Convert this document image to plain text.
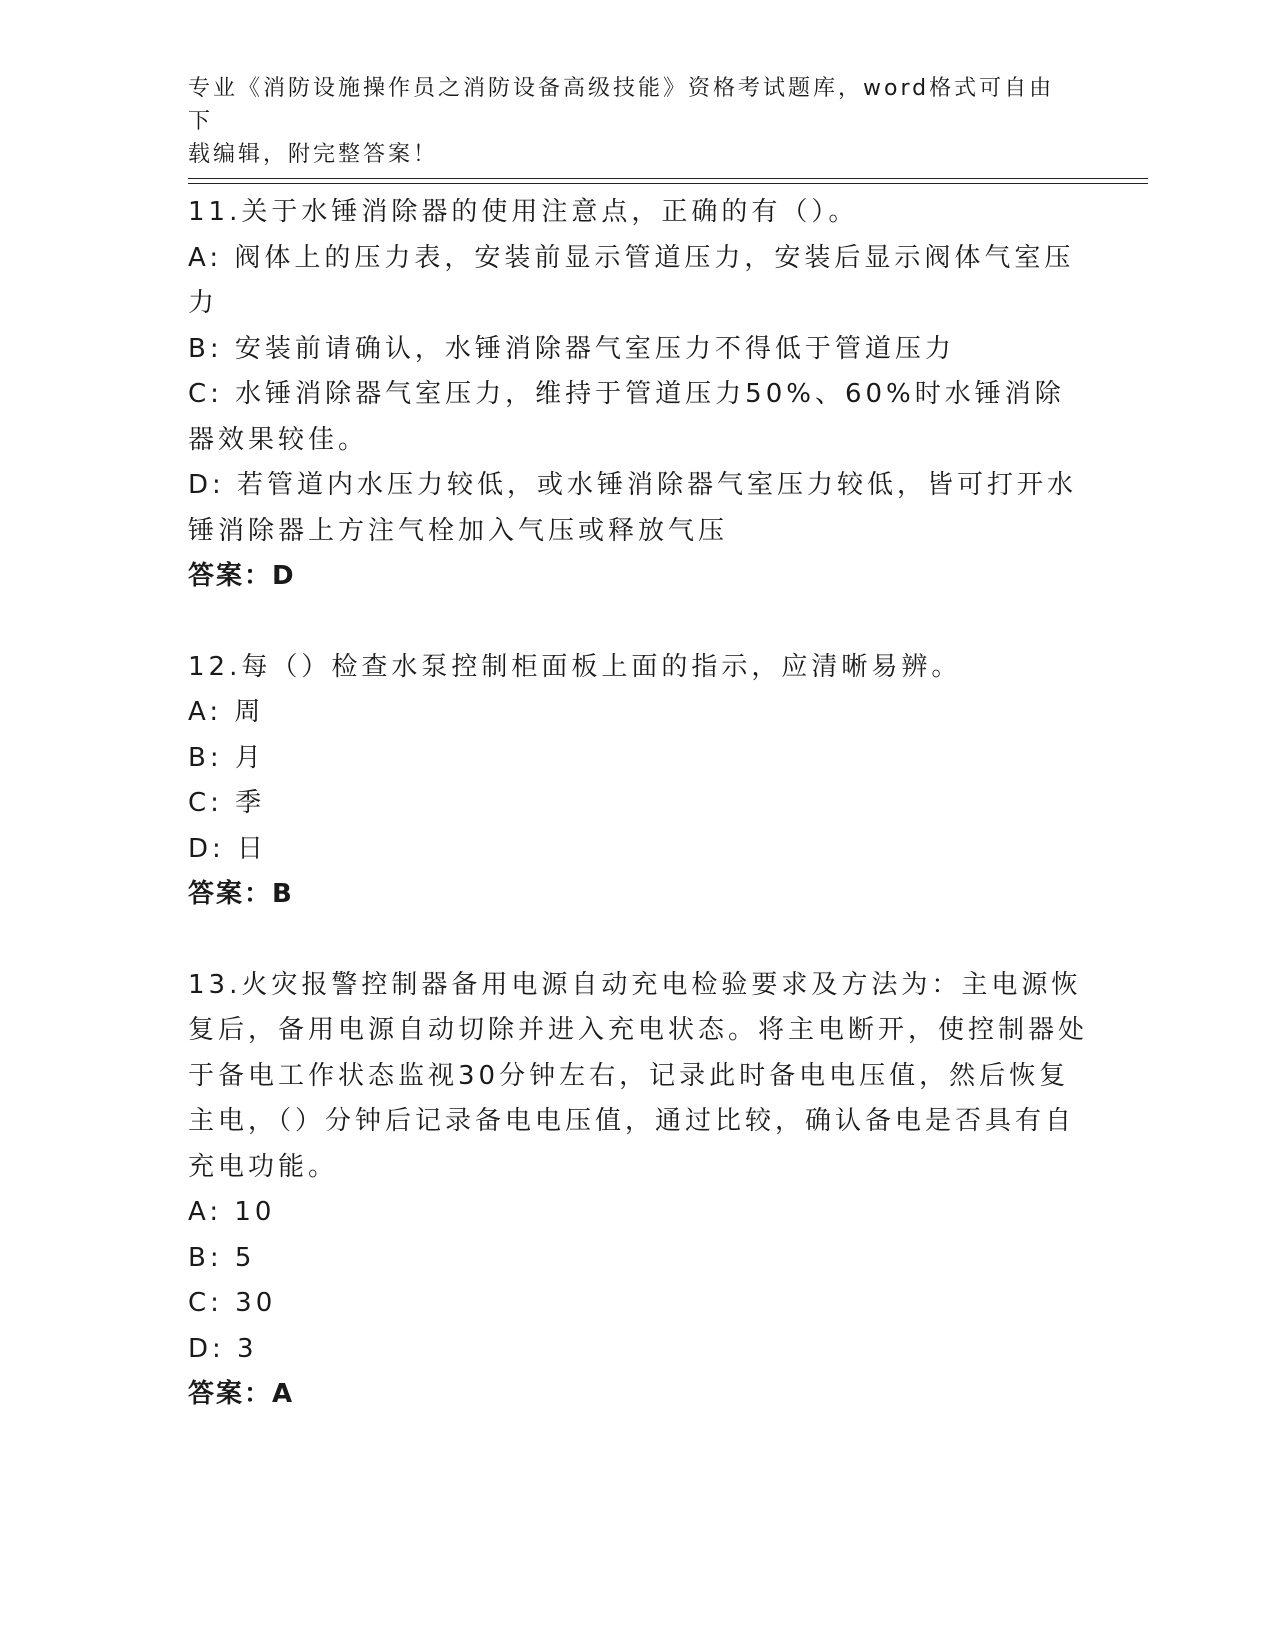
专业《消防设施操作员之消防设备高级技能》资格考试题库，word格式可自由下
载编辑，附完整答案！

11.关于水锤消除器的使用注意点，正确的有（）。

A: 阀体上的压力表，安装前显示管道压力，安装后显示阀体气室压力

B: 安装前请确认，水锤消除器气室压力不得低于管道压力

C: 水锤消除器气室压力，维持于管道压力50%、60%时水锤消除器效果较佳。

D: 若管道内水压力较低，或水锤消除器气室压力较低，皆可打开水锤消除器上方注气栓加入气压或释放气压

答案：D

12.每（）检查水泵控制柜面板上面的指示，应清晰易辨。

A: 周

B: 月

C: 季

D: 日

答案：B

13.火灾报警控制器备用电源自动充电检验要求及方法为：主电源恢复后，备用电源自动切除并进入充电状态。将主电断开，使控制器处于备电工作状态监视30分钟左右，记录此时备电电压值，然后恢复主电，（）分钟后记录备电电压值，通过比较，确认备电是否具有自充电功能。

A: 10

B: 5

C: 30

D: 3

答案：A
